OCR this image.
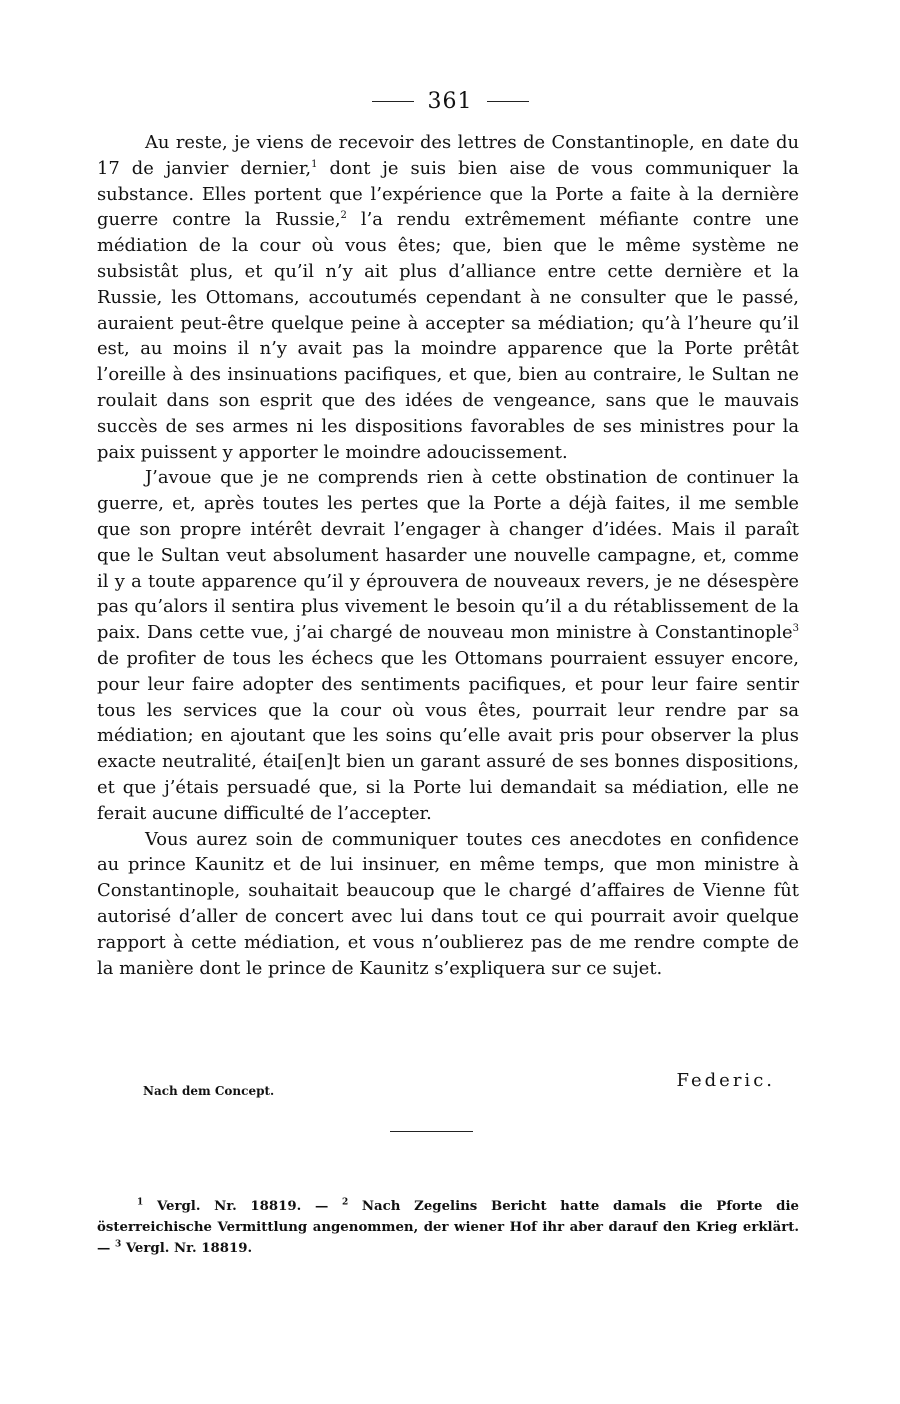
361

Au reste, je viens de recevoir des lettres de Constantinople, en date du 17 de janvier dernier,$^1$ dont je suis bien aise de vous communiquer la substance. Elles portent que l’expérience que la Porte a faite à la dernière guerre contre la Russie,$^2$ l’a rendu extrêmement méfiante contre une médiation de la cour où vous êtes; que, bien que le même système ne subsistât plus, et qu’il n’y ait plus d’alliance entre cette dernière et la Russie, les Ottomans, accoutumés cependant à ne consulter que le passé, auraient peut-être quelque peine à accepter sa médiation; qu’à l’heure qu’il est, au moins il n’y avait pas la moindre apparence que la Porte prêtât l’oreille à des insinuations pacifiques, et que, bien au contraire, le Sultan ne roulait dans son esprit que des idées de vengeance, sans que le mauvais succès de ses armes ni les dispositions favorables de ses ministres pour la paix puissent y apporter le moindre adoucissement.

J’avoue que je ne comprends rien à cette obstination de continuer la guerre, et, après toutes les pertes que la Porte a déjà faites, il me semble que son propre intérêt devrait l’engager à changer d’idées. Mais il paraît que le Sultan veut absolument hasarder une nouvelle campagne, et, comme il y a toute apparence qu’il y éprouvera de nouveaux revers, je ne désespère pas qu’alors il sentira plus vivement le besoin qu’il a du rétablissement de la paix. Dans cette vue, j’ai chargé de nouveau mon ministre à Constantinople$^3$ de profiter de tous les échecs que les Ottomans pourraient essuyer encore, pour leur faire adopter des sentiments pacifiques, et pour leur faire sentir tous les services que la cour où vous êtes, pourrait leur rendre par sa médiation; en ajoutant que les soins qu’elle avait pris pour observer la plus exacte neutralité, étai[en]t bien un garant assuré de ses bonnes dispositions, et que j’étais persuadé que, si la Porte lui demandait sa médiation, elle ne ferait aucune difficulté de l’accepter.

Vous aurez soin de communiquer toutes ces anecdotes en confidence au prince Kaunitz et de lui insinuer, en même temps, que mon ministre à Constantinople, souhaitait beaucoup que le chargé d’affaires de Vienne fût autorisé d’aller de concert avec lui dans tout ce qui pourrait avoir quelque rapport à cette médiation, et vous n’oublierez pas de me rendre compte de la manière dont le prince de Kaunitz s’expliquera sur ce sujet.

Nach dem Concept.	Federic.

$^1$ Vergl. Nr. 18819. — $^2$ Nach Zegelins Bericht hatte damals die Pforte die österreichische Vermittlung angenommen, der wiener Hof ihr aber darauf den Krieg erklärt. — $^3$ Vergl. Nr. 18819.
